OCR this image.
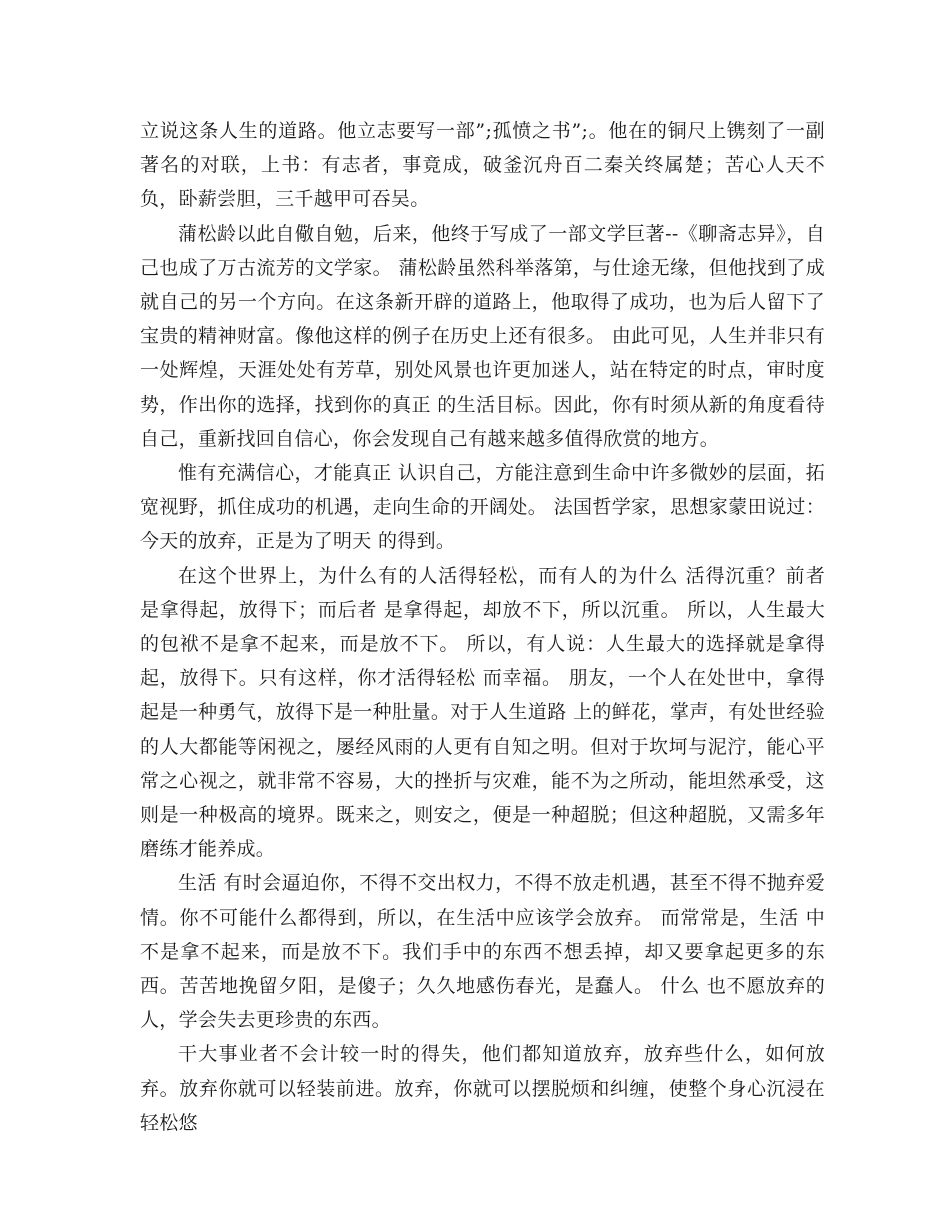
立说这条人生的道路。他立志要写一部”;孤愤之书”;。他在的铜尺上镌刻了一副著名的对联，上书：有志者，事竟成，破釜沉舟百二秦关终属楚；苦心人天不负，卧薪尝胆，三千越甲可吞吴。

蒲松龄以此自儆自勉，后来，他终于写成了一部文学巨著--《聊斋志异》，自己也成了万古流芳的文学家。 蒲松龄虽然科举落第，与仕途无缘，但他找到了成就自己的另一个方向。在这条新开辟的道路上，他取得了成功，也为后人留下了宝贵的精神财富。像他这样的例子在历史上还有很多。 由此可见，人生并非只有一处辉煌，天涯处处有芳草，别处风景也许更加迷人，站在特定的时点，审时度势，作出你的选择，找到你的真正 的生活目标。因此，你有时须从新的角度看待自己，重新找回自信心，你会发现自己有越来越多值得欣赏的地方。

惟有充满信心，才能真正 认识自己，方能注意到生命中许多微妙的层面，拓宽视野，抓住成功的机遇，走向生命的开阔处。 法国哲学家，思想家蒙田说过：今天的放弃，正是为了明天 的得到。

在这个世界上，为什么有的人活得轻松，而有人的为什么 活得沉重？前者 是拿得起，放得下；而后者 是拿得起，却放不下，所以沉重。 所以，人生最大 的包袱不是拿不起来，而是放不下。 所以，有人说：人生最大的选择就是拿得起，放得下。只有这样，你才活得轻松 而幸福。 朋友，一个人在处世中，拿得起是一种勇气，放得下是一种肚量。对于人生道路 上的鲜花，掌声，有处世经验的人大都能等闲视之，屡经风雨的人更有自知之明。但对于坎坷与泥泞，能心平常之心视之，就非常不容易，大的挫折与灾难，能不为之所动，能坦然承受，这则是一种极高的境界。既来之，则安之，便是一种超脱；但这种超脱，又需多年磨练才能养成。

生活 有时会逼迫你，不得不交出权力，不得不放走机遇，甚至不得不抛弃爱情。你不可能什么都得到，所以，在生活中应该学会放弃。 而常常是，生活 中不是拿不起来，而是放不下。我们手中的东西不想丢掉，却又要拿起更多的东西。苦苦地挽留夕阳，是傻子；久久地感伤春光，是蠢人。 什么 也不愿放弃的人，学会失去更珍贵的东西。

干大事业者不会计较一时的得失，他们都知道放弃，放弃些什么，如何放弃。放弃你就可以轻装前进。放弃，你就可以摆脱烦和纠缠，使整个身心沉浸在轻松悠
